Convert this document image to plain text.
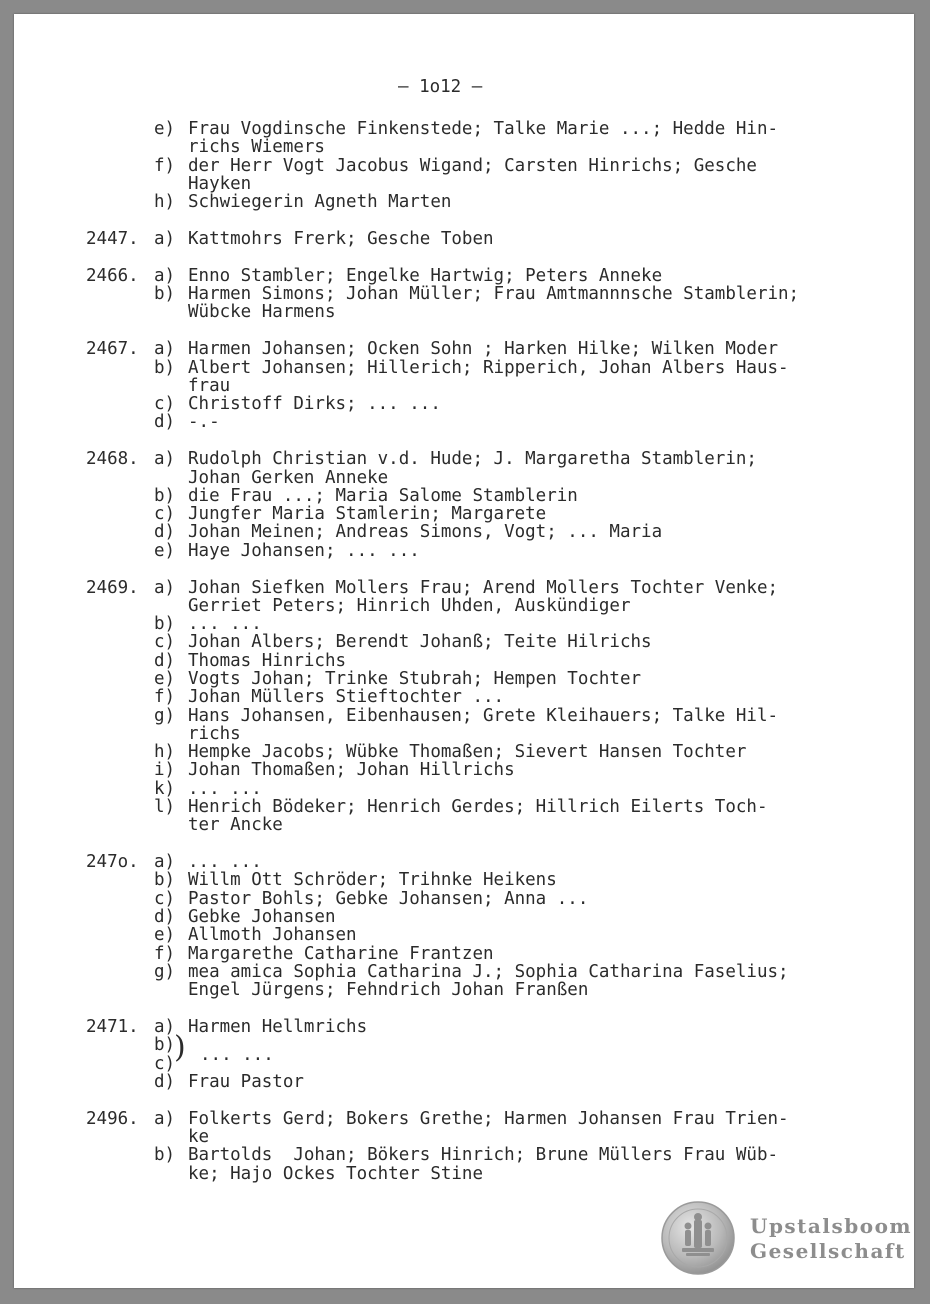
– 1o12 –
e) Frau Vogdinsche Finkenstede; Talke Marie ...; Hedde Hin-
richs Wiemers
f) der Herr Vogt Jacobus Wigand; Carsten Hinrichs; Gesche
Hayken
h) Schwiegerin Agneth Marten
2447. a) Kattmohrs Frerk; Gesche Toben
2466. a) Enno Stambler; Engelke Hartwig; Peters Anneke
b) Harmen Simons; Johan Müller; Frau Amtmannnsche Stamblerin;
Wübcke Harmens
2467. a) Harmen Johansen; Ocken Sohn ; Harken Hilke; Wilken Moder
b) Albert Johansen; Hillerich; Ripperich, Johan Albers Haus-
frau
c) Christoff Dirks; ... ...
d) -.-
2468. a) Rudolph Christian v.d. Hude; J. Margaretha Stamblerin;
Johan Gerken Anneke
b) die Frau ...; Maria Salome Stamblerin
c) Jungfer Maria Stamlerin; Margarete
d) Johan Meinen; Andreas Simons, Vogt; ... Maria
e) Haye Johansen; ... ...
2469. a) Johan Siefken Mollers Frau; Arend Mollers Tochter Venke;
Gerriet Peters; Hinrich Uhden, Auskündiger
b) ... ...
c) Johan Albers; Berendt Johanß; Teite Hilrichs
d) Thomas Hinrichs
e) Vogts Johan; Trinke Stubrah; Hempen Tochter
f) Johan Müllers Stieftochter ...
g) Hans Johansen, Eibenhausen; Grete Kleihauers; Talke Hil-
richs
h) Hempke Jacobs; Wübke Thomaßen; Sievert Hansen Tochter
i) Johan Thomaßen; Johan Hillrichs
k) ... ...
l) Henrich Bödeker; Henrich Gerdes; Hillrich Eilerts Toch-
ter Ancke
247o. a) ... ...
b) Willm Ott Schröder; Trihnke Heikens
c) Pastor Bohls; Gebke Johansen; Anna ...
d) Gebke Johansen
e) Allmoth Johansen
f) Margarethe Catharine Frantzen
g) mea amica Sophia Catharina J.; Sophia Catharina Faselius;
Engel Jürgens; Fehndrich Johan Franßen
2471. a) Harmen Hellmrichs
b)
c)
d) Frau Pastor
) ... ...
2496. a) Folkerts Gerd; Bokers Grethe; Harmen Johansen Frau Trien-
ke
b) Bartolds  Johan; Bökers Hinrich; Brune Müllers Frau Wüb-
ke; Hajo Ockes Tochter Stine
Upstalsboom
Gesellschaft
